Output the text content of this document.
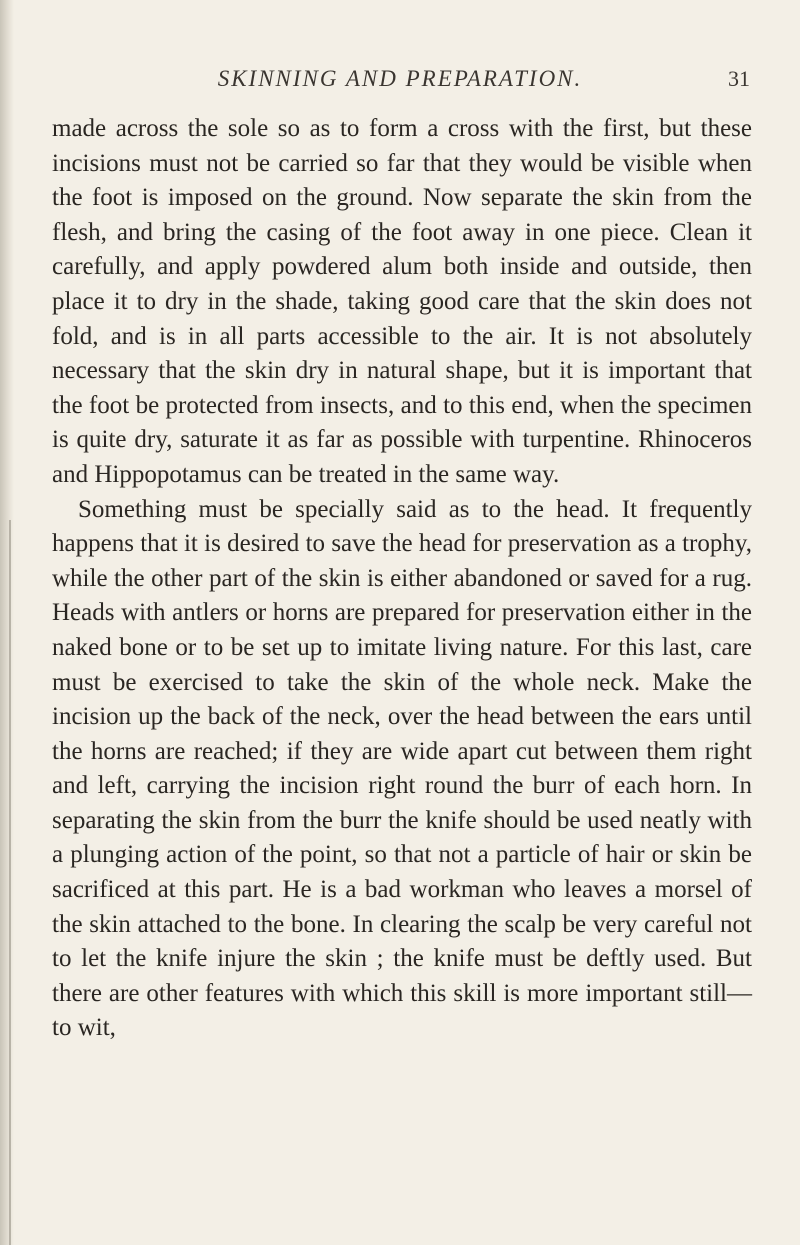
SKINNING AND PREPARATION.	31

made across the sole so as to form a cross with the first, but these incisions must not be carried so far that they would be visible when the foot is imposed on the ground. Now separate the skin from the flesh, and bring the casing of the foot away in one piece. Clean it carefully, and apply powdered alum both inside and outside, then place it to dry in the shade, taking good care that the skin does not fold, and is in all parts accessible to the air. It is not absolutely necessary that the skin dry in natural shape, but it is important that the foot be protected from insects, and to this end, when the specimen is quite dry, saturate it as far as possible with turpentine. Rhinoceros and Hippopotamus can be treated in the same way.

Something must be specially said as to the head. It frequently happens that it is desired to save the head for preservation as a trophy, while the other part of the skin is either abandoned or saved for a rug. Heads with antlers or horns are prepared for preservation either in the naked bone or to be set up to imitate living nature. For this last, care must be exercised to take the skin of the whole neck. Make the incision up the back of the neck, over the head between the ears until the horns are reached; if they are wide apart cut between them right and left, carrying the incision right round the burr of each horn. In separating the skin from the burr the knife should be used neatly with a plunging action of the point, so that not a particle of hair or skin be sacrificed at this part. He is a bad workman who leaves a morsel of the skin attached to the bone. In clearing the scalp be very careful not to let the knife injure the skin ; the knife must be deftly used. But there are other features with which this skill is more important still—to wit,
